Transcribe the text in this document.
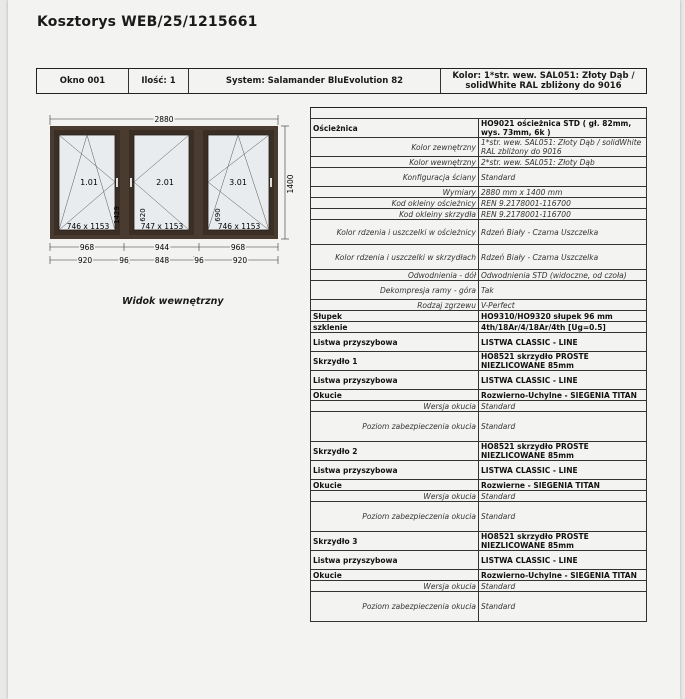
Kosztorys WEB/25/1215661
Okno 001	Ilość: 1	System: Salamander BluEvolution 82	Kolor: 1*str. wew. SAL051: Złoty Dąb / solidWhite RAL zbliżony do 9016
2880
1400
1.01	2.01	3.01
746 x 1153	747 x 1153	746 x 1153
1429	620	690
968	944	968
920	96	848	96	920
Widok wewnętrzny

Ościeżnica	HO9021 ościeżnica STD ( gł. 82mm, wys. 73mm, 6k )
Kolor zewnętrzny	1*str. wew. SAL051: Złoty Dąb / solidWhite RAL zbliżony do 9016
Kolor wewnętrzny	2*str. wew. SAL051: Złoty Dąb
Konfiguracja ściany	Standard
Wymiary	2880 mm x 1400 mm
Kod okleiny ościeżnicy	REN 9.2178001-116700
Kod okleiny skrzydła	REN 9.2178001-116700
Kolor rdzenia i uszczelki w ościeżnicy	Rdzeń Biały - Czarna Uszczelka
Kolor rdzenia i uszczelki w skrzydłach	Rdzeń Biały - Czarna Uszczelka
Odwodnienia - dół	Odwodnienia STD (widoczne, od czoła)
Dekompresja ramy - góra	Tak
Rodzaj zgrzewu	V-Perfect
Słupek	HO9310/HO9320 słupek 96 mm
szklenie	4th/18Ar/4/18Ar/4th [Ug=0.5]
Listwa przyszybowa	LISTWA CLASSIC - LINE
Skrzydło 1	HO8521 skrzydło PROSTE NIEZLICOWANE 85mm
Listwa przyszybowa	LISTWA CLASSIC - LINE
Okucie	Rozwierno-Uchylne - SIEGENIA TITAN
Wersja okucia	Standard
Poziom zabezpieczenia okucia	Standard
Skrzydło 2	HO8521 skrzydło PROSTE NIEZLICOWANE 85mm
Listwa przyszybowa	LISTWA CLASSIC - LINE
Okucie	Rozwierne - SIEGENIA TITAN
Wersja okucia	Standard
Poziom zabezpieczenia okucia	Standard
Skrzydło 3	HO8521 skrzydło PROSTE NIEZLICOWANE 85mm
Listwa przyszybowa	LISTWA CLASSIC - LINE
Okucie	Rozwierno-Uchylne - SIEGENIA TITAN
Wersja okucia	Standard
Poziom zabezpieczenia okucia	Standard
